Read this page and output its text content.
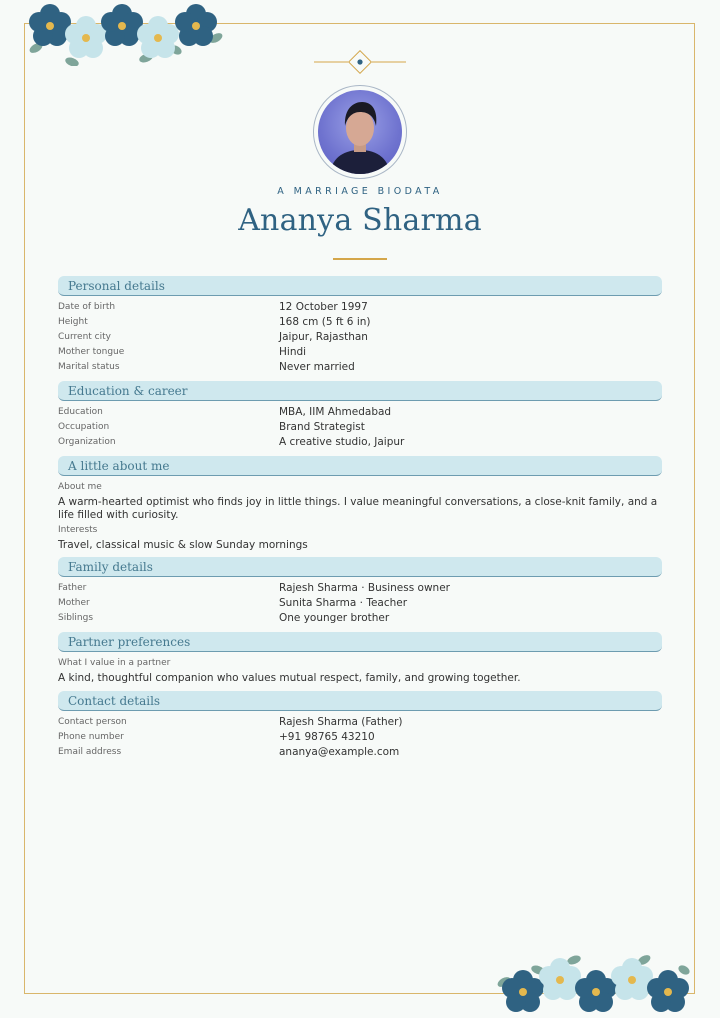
A MARRIAGE BIODATA
Ananya Sharma
Personal details
Date of birth	12 October 1997
Height	168 cm (5 ft 6 in)
Current city	Jaipur, Rajasthan
Mother tongue	Hindi
Marital status	Never married
Education & career
Education	MBA, IIM Ahmedabad
Occupation	Brand Strategist
Organization	A creative studio, Jaipur
A little about me
About me
A warm-hearted optimist who finds joy in little things. I value meaningful conversations, a close-knit family, and a life filled with curiosity.
Interests
Travel, classical music & slow Sunday mornings
Family details
Father	Rajesh Sharma · Business owner
Mother	Sunita Sharma · Teacher
Siblings	One younger brother
Partner preferences
What I value in a partner
A kind, thoughtful companion who values mutual respect, family, and growing together.
Contact details
Contact person	Rajesh Sharma (Father)
Phone number	+91 98765 43210
Email address	ananya@example.com
